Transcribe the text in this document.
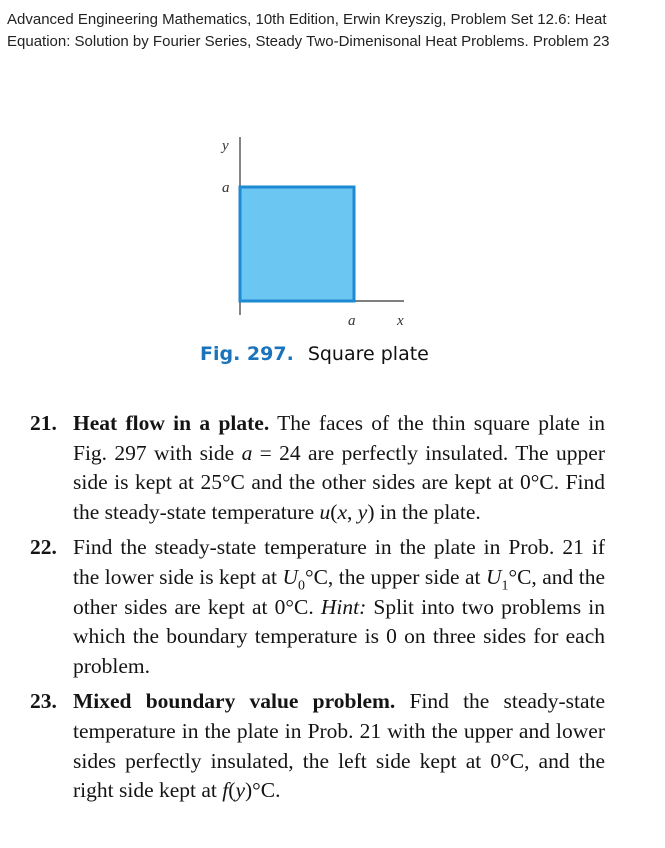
Advanced Engineering Mathematics, 10th Edition, Erwin Kreyszig, Problem Set 12.6: Heat Equation: Solution by Fourier Series, Steady Two-Dimenisonal Heat Problems. Problem 23
y
a
a	x
Fig. 297. Square plate
21. Heat flow in a plate. The faces of the thin square plate in Fig. 297 with side a = 24 are perfectly insulated. The upper side is kept at 25°C and the other sides are kept at 0°C. Find the steady-state temperature u(x, y) in the plate.
22. Find the steady-state temperature in the plate in Prob. 21 if the lower side is kept at $U_0^\circ C$, the upper side at $U_1^\circ C$, and the other sides are kept at 0°C. Hint: Split into two problems in which the boundary temperature is 0 on three sides for each problem.
23. Mixed boundary value problem. Find the steady-state temperature in the plate in Prob. 21 with the upper and lower sides perfectly insulated, the left side kept at 0°C, and the right side kept at f(y)°C.
